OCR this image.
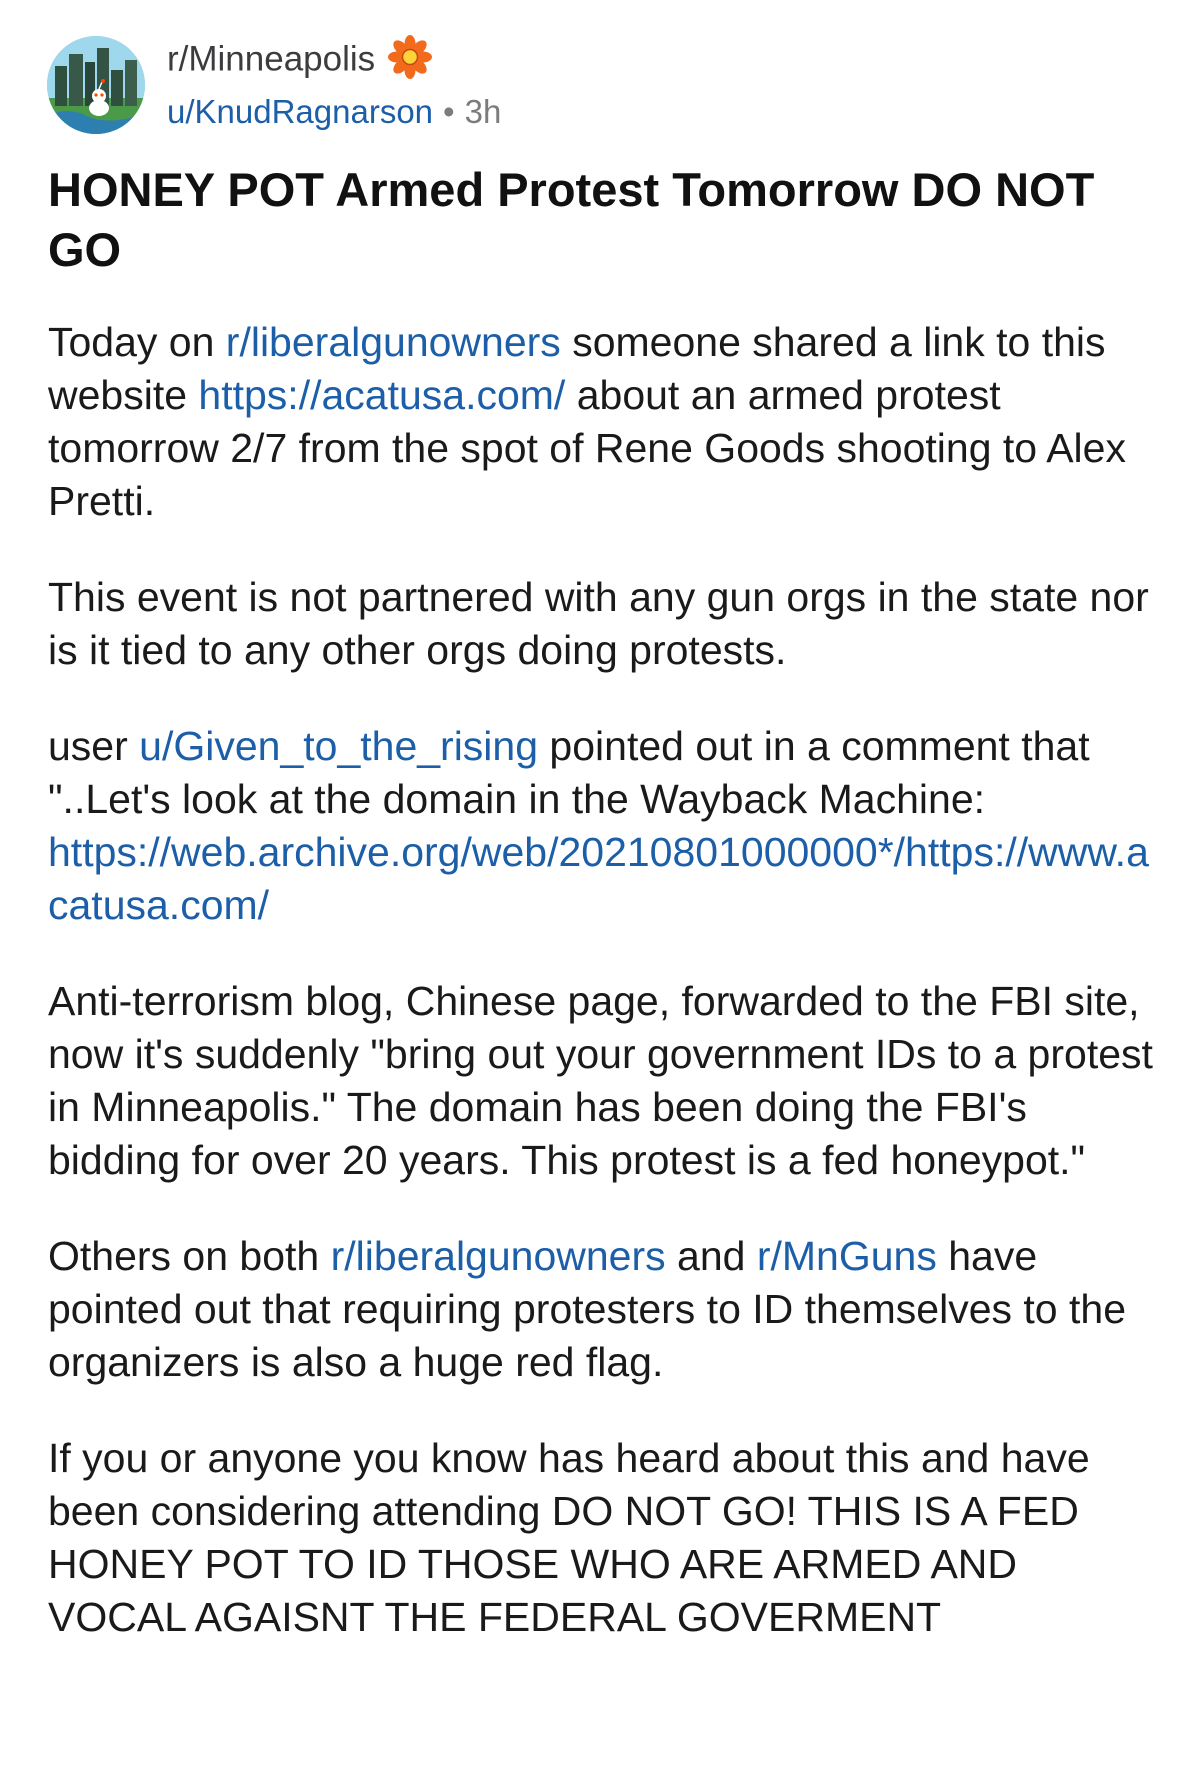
r/Minneapolis
u/KnudRagnarson • 3h
HONEY POT Armed Protest Tomorrow DO NOT GO

Today on r/liberalgunowners someone shared a link to this website https://acatusa.com/ about an armed protest tomorrow 2/7 from the spot of Rene Goods shooting to Alex Pretti.

This event is not partnered with any gun orgs in the state nor is it tied to any other orgs doing protests.

user u/Given_to_the_rising pointed out in a comment that "..Let's look at the domain in the Wayback Machine:
https://web.archive.org/web/20210801000000*/https://www.acatusa.com/

Anti-terrorism blog, Chinese page, forwarded to the FBI site, now it's suddenly "bring out your government IDs to a protest in Minneapolis." The domain has been doing the FBI's bidding for over 20 years. This protest is a fed honeypot."

Others on both r/liberalgunowners and r/MnGuns have pointed out that requiring protesters to ID themselves to the organizers is also a huge red flag.

If you or anyone you know has heard about this and have been considering attending DO NOT GO! THIS IS A FED HONEY POT TO ID THOSE WHO ARE ARMED AND VOCAL AGAISNT THE FEDERAL GOVERMENT
